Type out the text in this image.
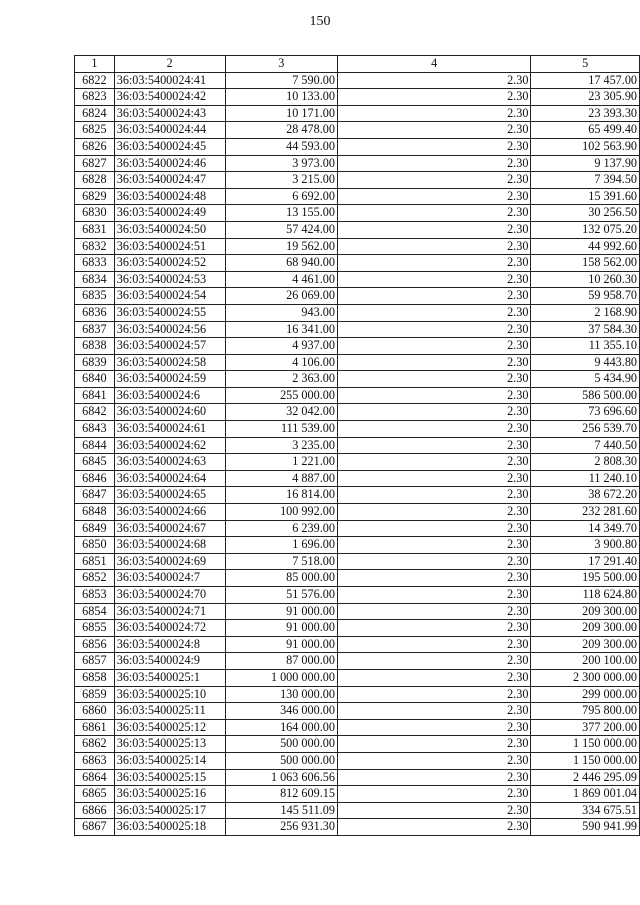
150
1	2	3	4	5
6822	36:03:5400024:41	7 590.00	2.30	17 457.00
6823	36:03:5400024:42	10 133.00	2.30	23 305.90
6824	36:03:5400024:43	10 171.00	2.30	23 393.30
6825	36:03:5400024:44	28 478.00	2.30	65 499.40
6826	36:03:5400024:45	44 593.00	2.30	102 563.90
6827	36:03:5400024:46	3 973.00	2.30	9 137.90
6828	36:03:5400024:47	3 215.00	2.30	7 394.50
6829	36:03:5400024:48	6 692.00	2.30	15 391.60
6830	36:03:5400024:49	13 155.00	2.30	30 256.50
6831	36:03:5400024:50	57 424.00	2.30	132 075.20
6832	36:03:5400024:51	19 562.00	2.30	44 992.60
6833	36:03:5400024:52	68 940.00	2.30	158 562.00
6834	36:03:5400024:53	4 461.00	2.30	10 260.30
6835	36:03:5400024:54	26 069.00	2.30	59 958.70
6836	36:03:5400024:55	943.00	2.30	2 168.90
6837	36:03:5400024:56	16 341.00	2.30	37 584.30
6838	36:03:5400024:57	4 937.00	2.30	11 355.10
6839	36:03:5400024:58	4 106.00	2.30	9 443.80
6840	36:03:5400024:59	2 363.00	2.30	5 434.90
6841	36:03:5400024:6	255 000.00	2.30	586 500.00
6842	36:03:5400024:60	32 042.00	2.30	73 696.60
6843	36:03:5400024:61	111 539.00	2.30	256 539.70
6844	36:03:5400024:62	3 235.00	2.30	7 440.50
6845	36:03:5400024:63	1 221.00	2.30	2 808.30
6846	36:03:5400024:64	4 887.00	2.30	11 240.10
6847	36:03:5400024:65	16 814.00	2.30	38 672.20
6848	36:03:5400024:66	100 992.00	2.30	232 281.60
6849	36:03:5400024:67	6 239.00	2.30	14 349.70
6850	36:03:5400024:68	1 696.00	2.30	3 900.80
6851	36:03:5400024:69	7 518.00	2.30	17 291.40
6852	36:03:5400024:7	85 000.00	2.30	195 500.00
6853	36:03:5400024:70	51 576.00	2.30	118 624.80
6854	36:03:5400024:71	91 000.00	2.30	209 300.00
6855	36:03:5400024:72	91 000.00	2.30	209 300.00
6856	36:03:5400024:8	91 000.00	2.30	209 300.00
6857	36:03:5400024:9	87 000.00	2.30	200 100.00
6858	36:03:5400025:1	1 000 000.00	2.30	2 300 000.00
6859	36:03:5400025:10	130 000.00	2.30	299 000.00
6860	36:03:5400025:11	346 000.00	2.30	795 800.00
6861	36:03:5400025:12	164 000.00	2.30	377 200.00
6862	36:03:5400025:13	500 000.00	2.30	1 150 000.00
6863	36:03:5400025:14	500 000.00	2.30	1 150 000.00
6864	36:03:5400025:15	1 063 606.56	2.30	2 446 295.09
6865	36:03:5400025:16	812 609.15	2.30	1 869 001.04
6866	36:03:5400025:17	145 511.09	2.30	334 675.51
6867	36:03:5400025:18	256 931.30	2.30	590 941.99
